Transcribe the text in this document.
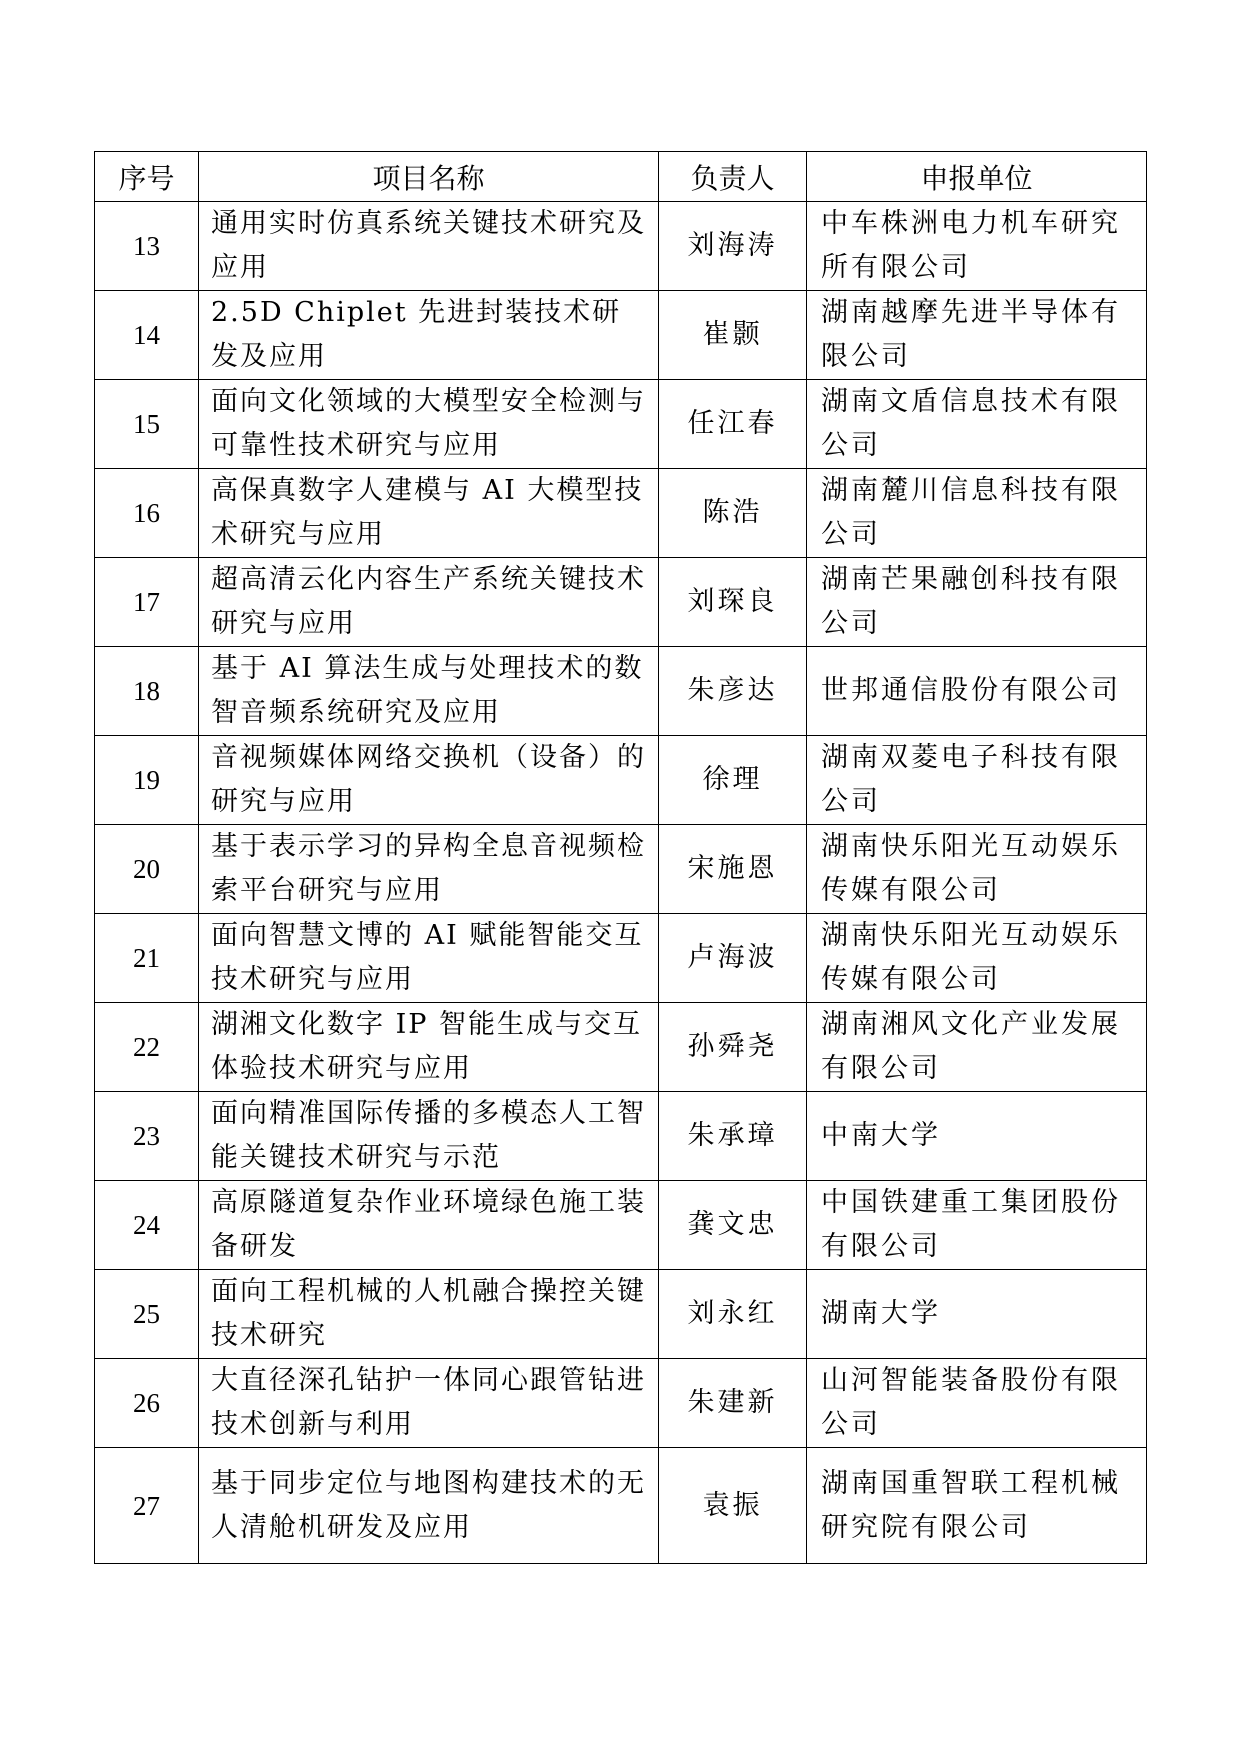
序号	项目名称	负责人	申报单位
13	通用实时仿真系统关键技术研究及应用	刘海涛	中车株洲电力机车研究所有限公司

14	2.5D Chiplet 先进封装技术研发及应用	崔颢	湖南越摩先进半导体有限公司

15	面向文化领域的大模型安全检测与可靠性技术研究与应用	任江春	湖南文盾信息技术有限公司

16	高保真数字人建模与 AI 大模型技术研究与应用	陈浩	湖南麓川信息科技有限公司

17	超高清云化内容生产系统关键技术研究与应用	刘琛良	湖南芒果融创科技有限公司

18	基于 AI 算法生成与处理技术的数智音频系统研究及应用	朱彦达	世邦通信股份有限公司

19	音视频媒体网络交换机（设备）的研究与应用	徐理	湖南双菱电子科技有限公司

20	基于表示学习的异构全息音视频检索平台研究与应用	宋施恩	湖南快乐阳光互动娱乐传媒有限公司

21	面向智慧文博的 AI 赋能智能交互技术研究与应用	卢海波	湖南快乐阳光互动娱乐传媒有限公司

22	湖湘文化数字 IP 智能生成与交互体验技术研究与应用	孙舜尧	湖南湘风文化产业发展有限公司

23	面向精准国际传播的多模态人工智能关键技术研究与示范	朱承璋	中南大学

24	高原隧道复杂作业环境绿色施工装备研发	龚文忠	中国铁建重工集团股份有限公司

25	面向工程机械的人机融合操控关键技术研究	刘永红	湖南大学

26	大直径深孔钻护一体同心跟管钻进技术创新与利用	朱建新	山河智能装备股份有限公司

27	基于同步定位与地图构建技术的无人清舱机研发及应用	袁振	湖南国重智联工程机械研究院有限公司
